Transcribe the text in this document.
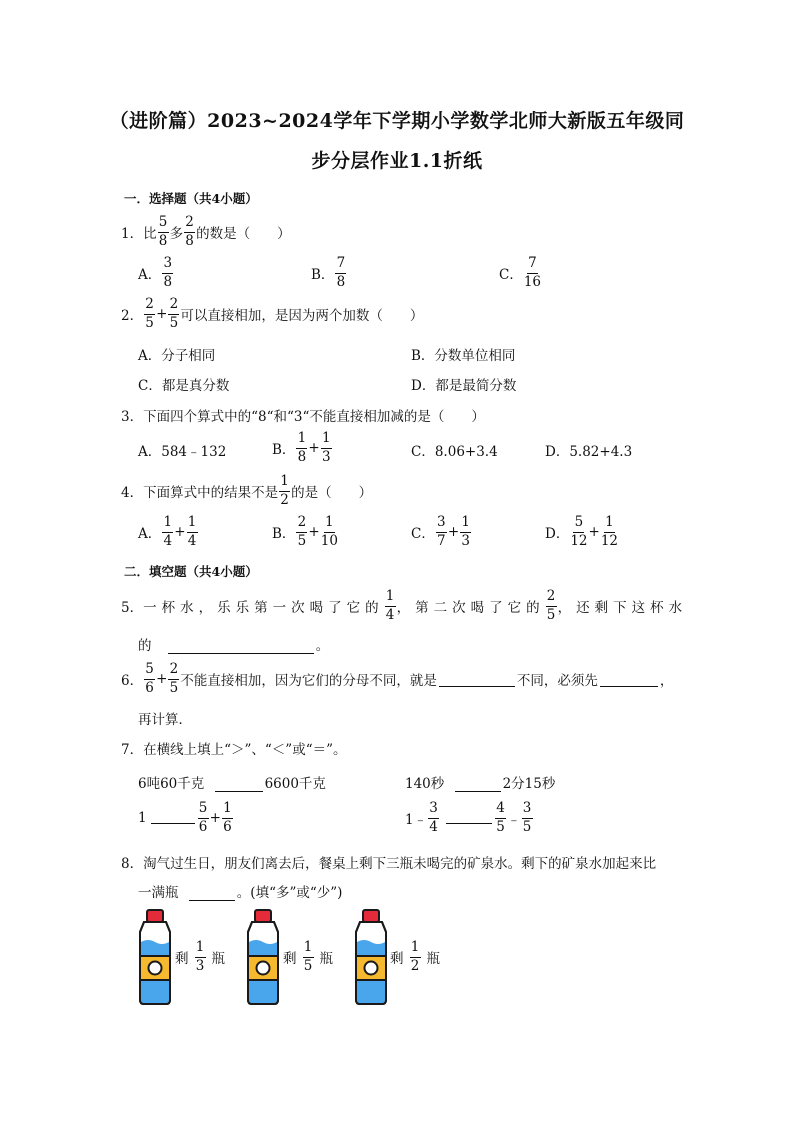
（进阶篇）2023~2024学年下学期小学数学北师大新版五年级同
步分层作业1.1折纸
一．选择题（共4小题）
1． 比 $\frac{5}{8}$ 多 $\frac{2}{8}$ 的数是（　　）
A． $\frac{3}{8}$	B． $\frac{7}{8}$	C． $\frac{7}{16}$
2． $\frac{2}{5} + \frac{2}{5}$ 可以直接相加，是因为两个加数（　　）
A．分子相同	B．分数单位相同
C．都是真分数	D．都是最简分数
3．下面四个算式中的“8“和“3“不能直接相加减的是（　　）
A．584﹣132	B． $\frac{1}{8} + \frac{1}{3}$	C．8.06+3.4	D．5.82+4.3
4． 下面算式中的结果不是 $\frac{1}{2}$ 的是（　　）
A． $\frac{1}{4} + \frac{1}{4}$	B． $\frac{2}{5} + \frac{1}{10}$	C． $\frac{3}{7} + \frac{1}{3}$	D． $\frac{5}{12} + \frac{1}{12}$
二．填空题（共4小题）
5． 一杯水，乐乐第一次喝了它的 $\frac{1}{4}$ ，第二次喝了它的 $\frac{2}{5}$ ，还剩下这杯水
的	。
6． $\frac{5}{6} + \frac{2}{5}$ 不能直接相加，因为它们的分母不同，就是	不同，必须先	，
再计算．
7．在横线上填上“＞”、“＜”或“＝”。
6吨60千克	6600千克	140秒	2分15秒
1	$\frac{5}{6} + \frac{1}{6}$	1﹣ $\frac{3}{4}$	$\frac{4}{5}$ ﹣ $\frac{3}{5}$
8．淘气过生日，朋友们离去后，餐桌上剩下三瓶未喝完的矿泉水。剩下的矿泉水加起来比
一满瓶	。(填“多”或“少”)
剩 $\frac{1}{3}$ 瓶	剩 $\frac{1}{5}$ 瓶	剩 $\frac{1}{2}$ 瓶
